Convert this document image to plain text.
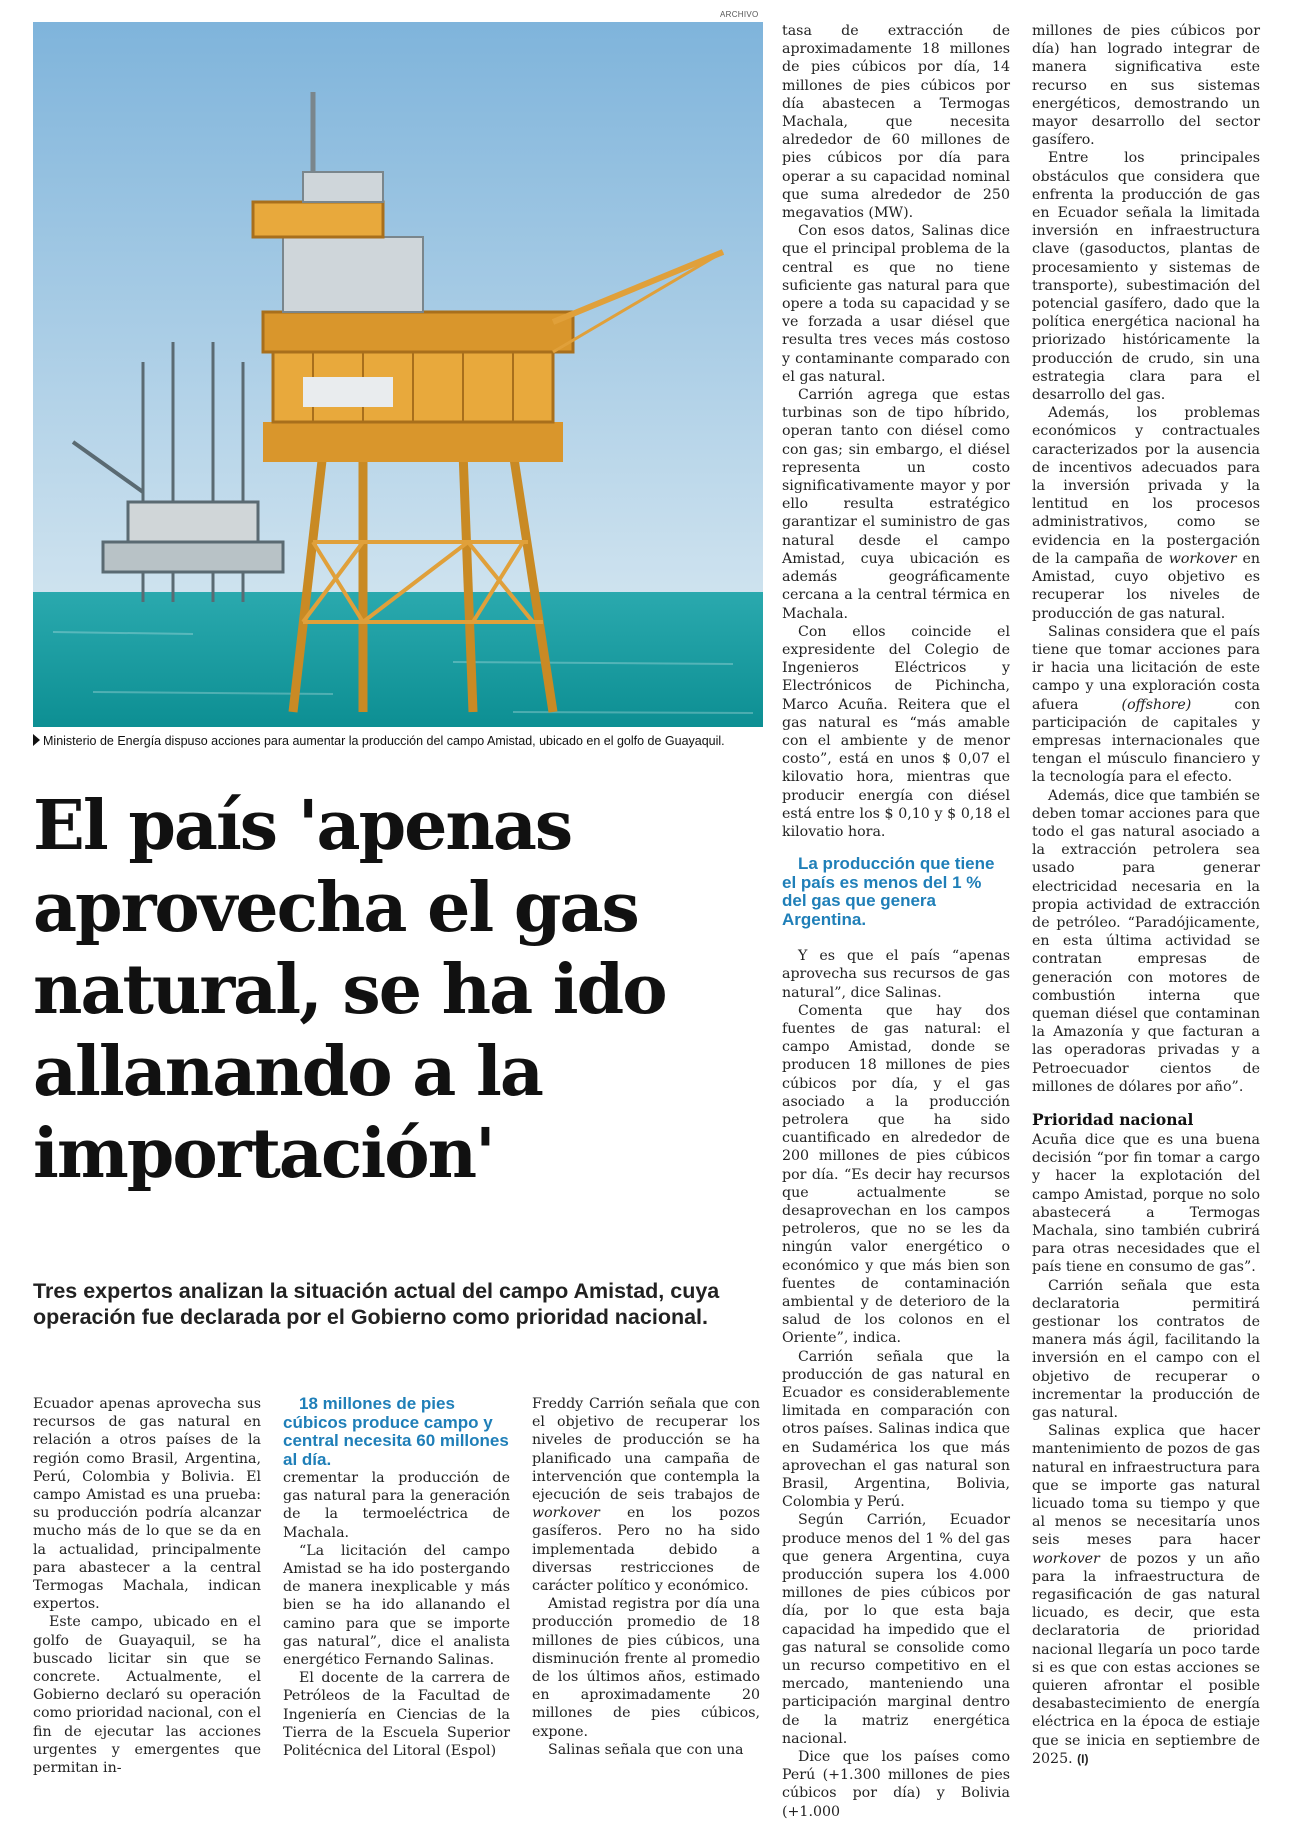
ARCHIVO
Ministerio de Energía dispuso acciones para aumentar la producción del campo Amistad, ubicado en el golfo de Guayaquil.
El país 'apenas aprovecha el gas natural, se ha ido allanando a la importación'

Tres expertos analizan la situación actual del campo Amistad, cuya operación fue declarada por el Gobierno como prioridad nacional.

Ecuador apenas aprovecha sus recursos de gas natural en relación a otros países de la región como Brasil, Argentina, Perú, Colombia y Bolivia. El campo Amistad es una prueba: su producción podría alcanzar mucho más de lo que se da en la actualidad, principalmente para abastecer a la central Termogas Machala, indican expertos.

Este campo, ubicado en el golfo de Guayaquil, se ha buscado licitar sin que se concrete. Actualmente, el Gobierno declaró su operación como prioridad nacional, con el fin de ejecutar las acciones urgentes y emergentes que permitan in-

18 millones de pies cúbicos produce campo y central necesita 60 millones al día.

crementar la producción de gas natural para la generación de la termoeléctrica de Machala.

“La licitación del campo Amistad se ha ido postergando de manera inexplicable y más bien se ha ido allanando el camino para que se importe gas natural”, dice el analista energético Fernando Salinas.

El docente de la carrera de Petróleos de la Facultad de Ingeniería en Ciencias de la Tierra de la Escuela Superior Politécnica del Litoral (Espol)

Freddy Carrión señala que con el objetivo de recuperar los niveles de producción se ha planificado una campaña de intervención que contempla la ejecución de seis trabajos de workover en los pozos gasíferos. Pero no ha sido implementada debido a diversas restricciones de carácter político y económico.

Amistad registra por día una producción promedio de 18 millones de pies cúbicos, una disminución frente al promedio de los últimos años, estimado en aproximadamente 20 millones de pies cúbicos, expone.

Salinas señala que con una

tasa de extracción de aproximadamente 18 millones de pies cúbicos por día, 14 millones de pies cúbicos por día abastecen a Termogas Machala, que necesita alrededor de 60 millones de pies cúbicos por día para operar a su capacidad nominal que suma alrededor de 250 megavatios (MW).

Con esos datos, Salinas dice que el principal problema de la central es que no tiene suficiente gas natural para que opere a toda su capacidad y se ve forzada a usar diésel que resulta tres veces más costoso y contaminante comparado con el gas natural.

Carrión agrega que estas turbinas son de tipo híbrido, operan tanto con diésel como con gas; sin embargo, el diésel representa un costo significativamente mayor y por ello resulta estratégico garantizar el suministro de gas natural desde el campo Amistad, cuya ubicación es además geográficamente cercana a la central térmica en Machala.

Con ellos coincide el expresidente del Colegio de Ingenieros Eléctricos y Electrónicos de Pichincha, Marco Acuña. Reitera que el gas natural es “más amable con el ambiente y de menor costo”, está en unos $ 0,07 el kilovatio hora, mientras que producir energía con diésel está entre los $ 0,10 y $ 0,18 el kilovatio hora.

La producción que tiene el país es menos del 1 % del gas que genera Argentina.

Y es que el país “apenas aprovecha sus recursos de gas natural”, dice Salinas.

Comenta que hay dos fuentes de gas natural: el campo Amistad, donde se producen 18 millones de pies cúbicos por día, y el gas asociado a la producción petrolera que ha sido cuantificado en alrededor de 200 millones de pies cúbicos por día. “Es decir hay recursos que actualmente se desaprovechan en los campos petroleros, que no se les da ningún valor energético o económico y que más bien son fuentes de contaminación ambiental y de deterioro de la salud de los colonos en el Oriente”, indica.

Carrión señala que la producción de gas natural en Ecuador es considerablemente limitada en comparación con otros países. Salinas indica que en Sudamérica los que más aprovechan el gas natural son Brasil, Argentina, Bolivia, Colombia y Perú.

Según Carrión, Ecuador produce menos del 1 % del gas que genera Argentina, cuya producción supera los 4.000 millones de pies cúbicos por día, por lo que esta baja capacidad ha impedido que el gas natural se consolide como un recurso competitivo en el mercado, manteniendo una participación marginal dentro de la matriz energética nacional.

Dice que los países como Perú (+1.300 millones de pies cúbicos por día) y Bolivia (+1.000

millones de pies cúbicos por día) han logrado integrar de manera significativa este recurso en sus sistemas energéticos, demostrando un mayor desarrollo del sector gasífero.

Entre los principales obstáculos que considera que enfrenta la producción de gas en Ecuador señala la limitada inversión en infraestructura clave (gasoductos, plantas de procesamiento y sistemas de transporte), subestimación del potencial gasífero, dado que la política energética nacional ha priorizado históricamente la producción de crudo, sin una estrategia clara para el desarrollo del gas.

Además, los problemas económicos y contractuales caracterizados por la ausencia de incentivos adecuados para la inversión privada y la lentitud en los procesos administrativos, como se evidencia en la postergación de la campaña de workover en Amistad, cuyo objetivo es recuperar los niveles de producción de gas natural.

Salinas considera que el país tiene que tomar acciones para ir hacia una licitación de este campo y una exploración costa afuera	(offshore)	con participación de capitales y empresas internacionales que tengan el músculo financiero y la tecnología para el efecto.

Además, dice que también se deben tomar acciones para que todo el gas natural asociado a la extracción petrolera sea usado para generar electricidad necesaria en la propia actividad de extracción de petróleo. “Paradójicamente, en esta última actividad se contratan empresas de generación con motores de combustión interna que queman diésel que contaminan la Amazonía y que facturan a las operadoras privadas y a Petroecuador cientos de millones de dólares por año”.

Prioridad nacional

Acuña dice que es una buena decisión “por fin tomar a cargo y hacer la explotación del campo Amistad, porque no solo abastecerá a Termogas Machala, sino también cubrirá para otras necesidades que el país tiene en consumo de gas”.

Carrión señala que esta declaratoria permitirá gestionar los contratos de manera más ágil, facilitando la inversión en el campo con el objetivo de recuperar o incrementar la producción de gas natural.

Salinas explica que hacer mantenimiento de pozos de gas natural en infraestructura para que se importe gas natural licuado toma su tiempo y que al menos se necesitaría unos seis meses para hacer workover de pozos y un año para la infraestructura de regasificación de gas natural licuado, es decir, que esta declaratoria de prioridad nacional llegaría un poco tarde si es que con estas acciones se quieren afrontar el posible desabastecimiento de energía eléctrica en la época de estiaje que se inicia en septiembre de 2025. (I)
